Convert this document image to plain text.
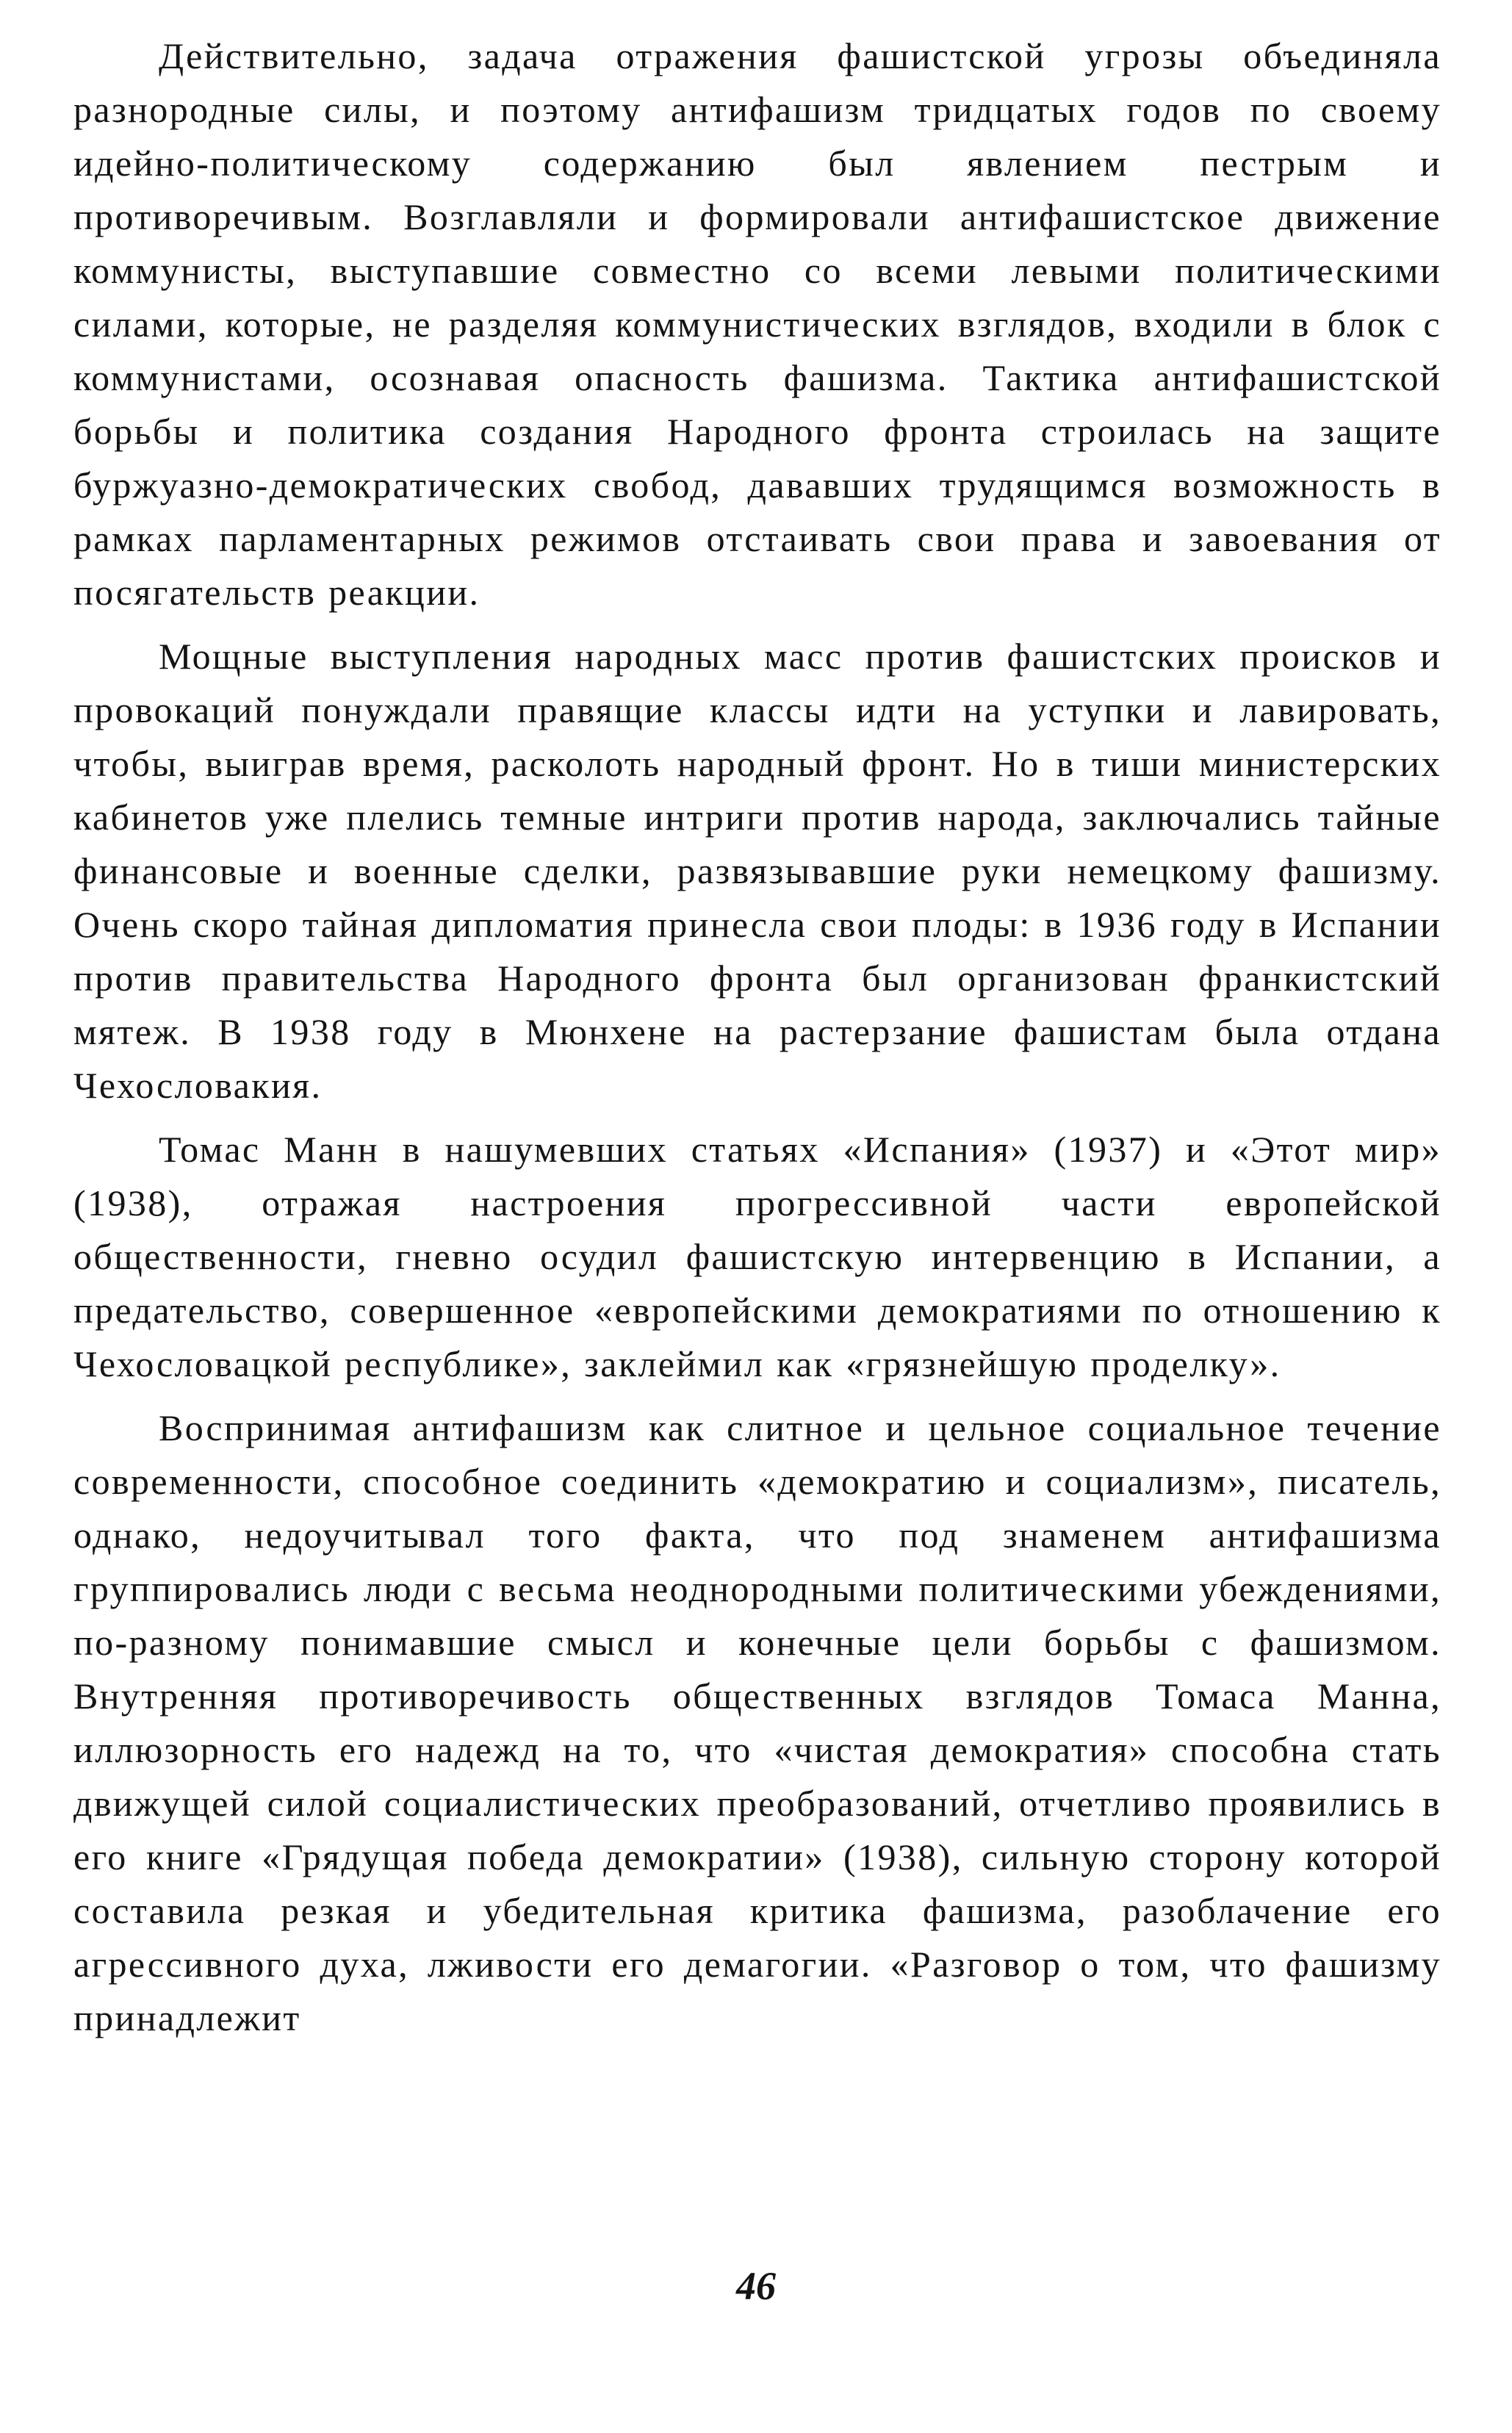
Действительно, задача отражения фашистской угрозы объединяла разнородные силы, и поэтому антифашизм тридцатых годов по своему идейно-политическому содержанию был явлением пестрым и противоречивым. Возглавляли и формировали антифашистское движение коммунисты, выступавшие совместно со всеми левыми политическими силами, которые, не разделяя коммунистических взглядов, входили в блок с коммунистами, осознавая опасность фашизма. Тактика антифашистской борьбы и политика создания Народного фронта строилась на защите буржуазно-демократических свобод, дававших трудящимся возможность в рамках парламентарных режимов отстаивать свои права и завоевания от посягательств реакции.

Мощные выступления народных масс против фашистских происков и провокаций понуждали правящие классы идти на уступки и лавировать, чтобы, выиграв время, расколоть народный фронт. Но в тиши министерских кабинетов уже плелись темные интриги против народа, заключались тайные финансовые и военные сделки, развязывавшие руки немецкому фашизму. Очень скоро тайная дипломатия принесла свои плоды: в 1936 году в Испании против правительства Народного фронта был организован франкистский мятеж. В 1938 году в Мюнхене на растерзание фашистам была отдана Чехословакия.

Томас Манн в нашумевших статьях «Испания» (1937) и «Этот мир» (1938), отражая настроения прогрессивной части европейской общественности, гневно осудил фашистскую интервенцию в Испании, а предательство, совершенное «европейскими демократиями по отношению к Чехословацкой республике», заклеймил как «грязнейшую проделку».

Воспринимая антифашизм как слитное и цельное социальное течение современности, способное соединить «демократию и социализм», писатель, однако, недоучитывал того факта, что под знаменем антифашизма группировались люди с весьма неоднородными политическими убеждениями, по-разному понимавшие смысл и конечные цели борьбы с фашизмом. Внутренняя противоречивость общественных взглядов Томаса Манна, иллюзорность его надежд на то, что «чистая демократия» способна стать движущей силой социалистических преобразований, отчетливо проявились в его книге «Грядущая победа демократии» (1938), сильную сторону которой составила резкая и убедительная критика фашизма, разоблачение его агрессивного духа, лживости его демагогии. «Разговор о том, что фашизму принадлежит

46
